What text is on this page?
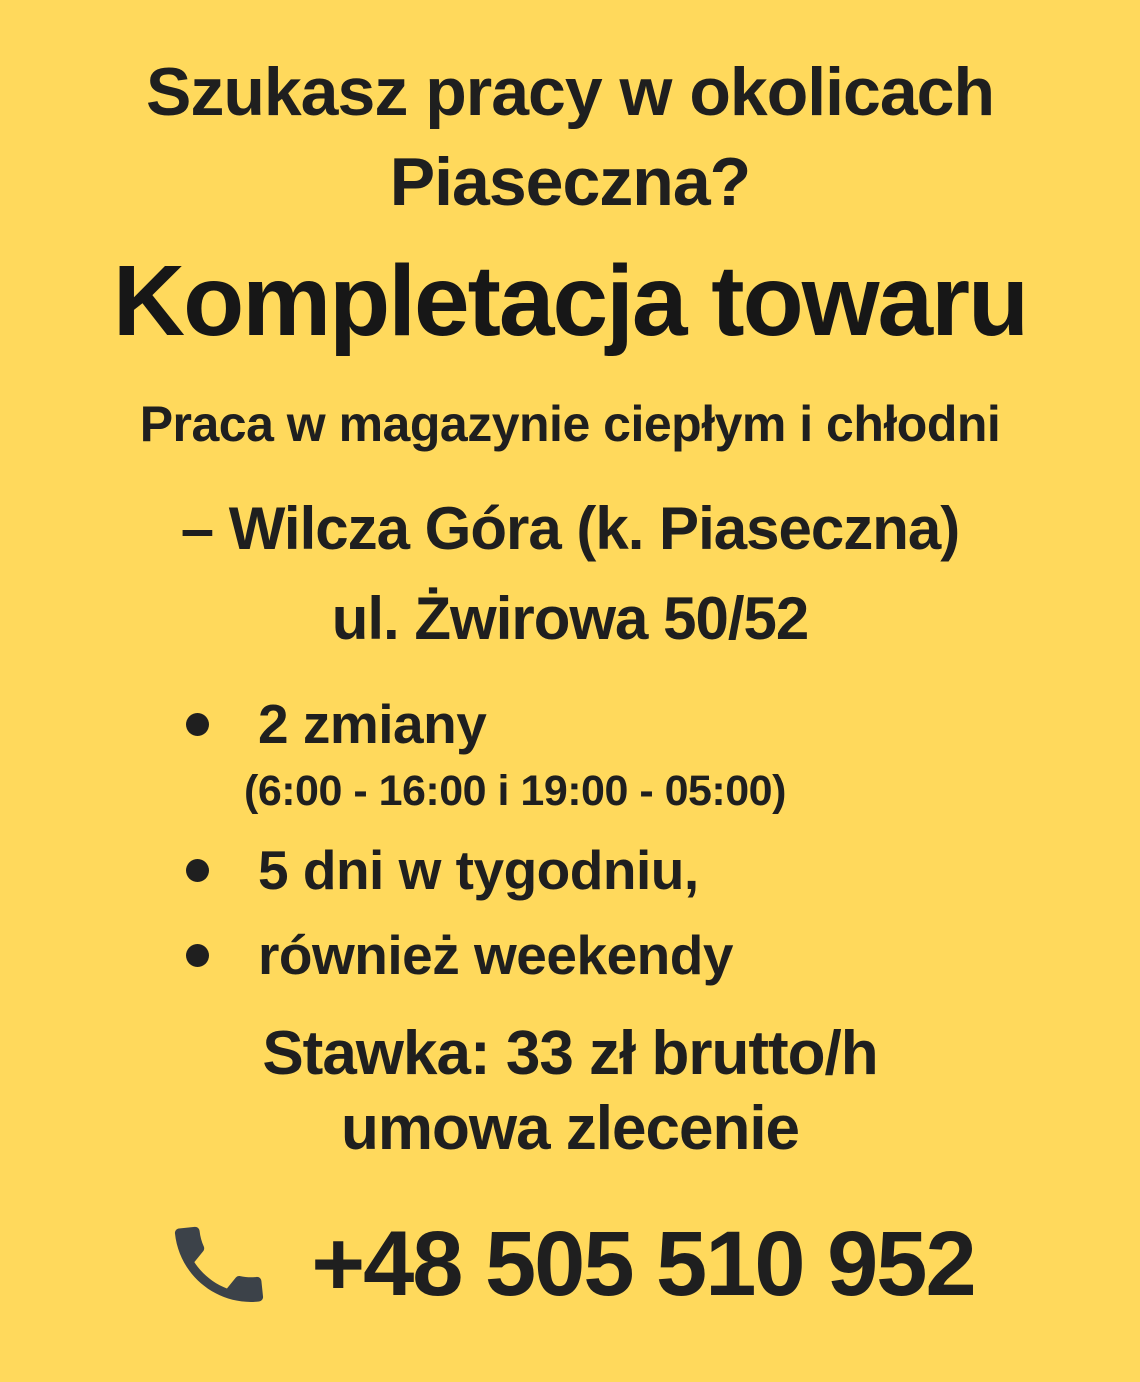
Szukasz pracy w okolicach
Piaseczna?
Kompletacja towaru
Praca w magazynie ciepłym i chłodni
– Wilcza Góra (k. Piaseczna)
ul. Żwirowa 50/52
2 zmiany
(6:00 - 16:00 i 19:00 - 05:00)
5 dni w tygodniu,
również weekendy
Stawka: 33 zł brutto/h
umowa zlecenie
+48 505 510 952
